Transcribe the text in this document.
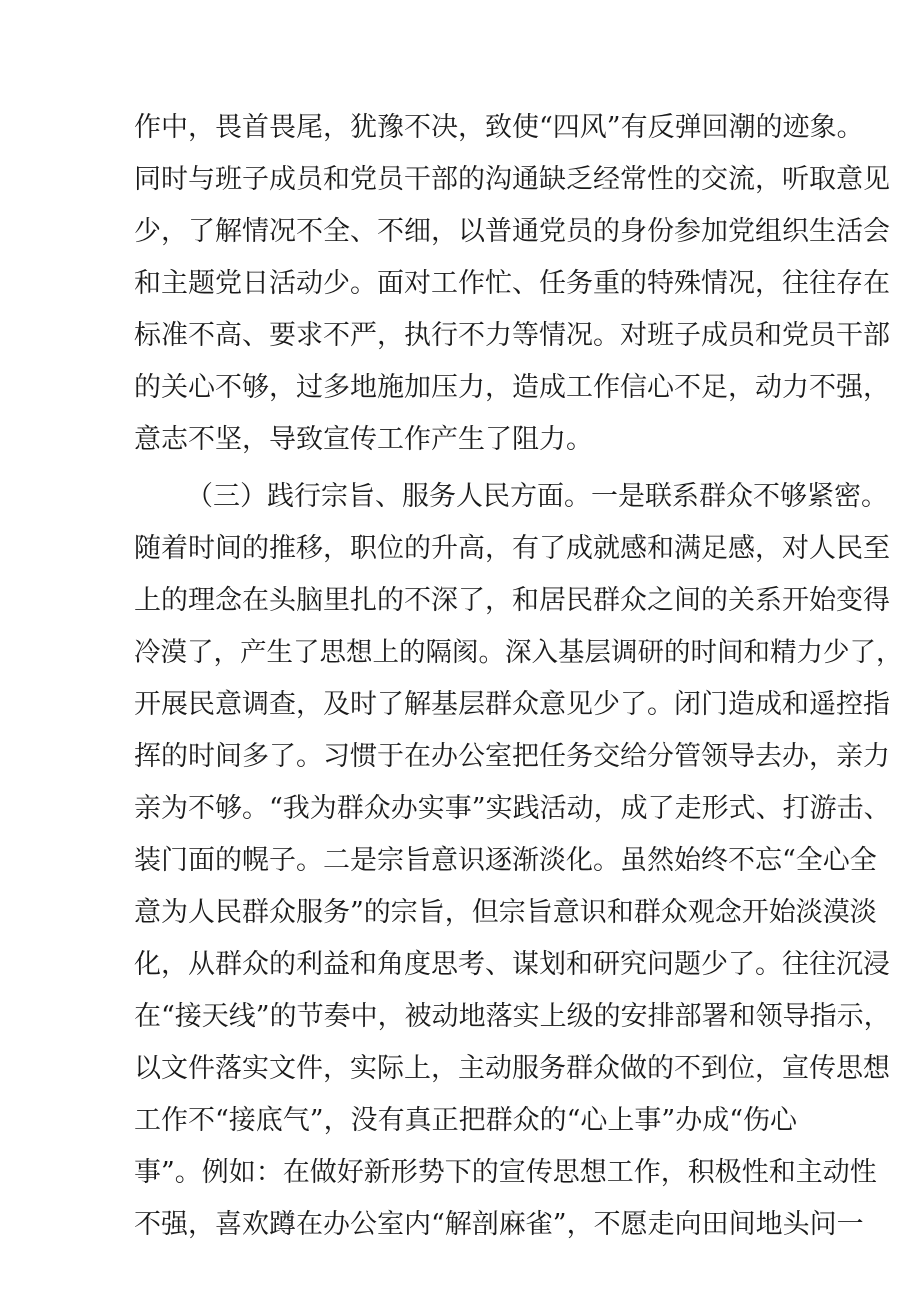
作中，畏首畏尾，犹豫不决，致使“四风”有反弹回潮的迹象。
同时与班子成员和党员干部的沟通缺乏经常性的交流，听取意见
少，了解情况不全、不细，以普通党员的身份参加党组织生活会
和主题党日活动少。面对工作忙、任务重的特殊情况，往往存在
标准不高、要求不严，执行不力等情况。对班子成员和党员干部
的关心不够，过多地施加压力，造成工作信心不足，动力不强，
意志不坚，导致宣传工作产生了阻力。
（三）践行宗旨、服务人民方面。一是联系群众不够紧密。
随着时间的推移，职位的升高，有了成就感和满足感，对人民至
上的理念在头脑里扎的不深了，和居民群众之间的关系开始变得
冷漠了，产生了思想上的隔阂。深入基层调研的时间和精力少了，
开展民意调查，及时了解基层群众意见少了。闭门造成和遥控指
挥的时间多了。习惯于在办公室把任务交给分管领导去办，亲力
亲为不够。“我为群众办实事”实践活动，成了走形式、打游击、
装门面的幌子。二是宗旨意识逐渐淡化。虽然始终不忘“全心全
意为人民群众服务”的宗旨，但宗旨意识和群众观念开始淡漠淡
化，从群众的利益和角度思考、谋划和研究问题少了。往往沉浸
在“接天线”的节奏中，被动地落实上级的安排部署和领导指示，
以文件落实文件，实际上，主动服务群众做的不到位，宣传思想
工作不“接底气”，没有真正把群众的“心上事”办成“伤心
事”。例如：在做好新形势下的宣传思想工作，积极性和主动性
不强，喜欢蹲在办公室内“解剖麻雀”，不愿走向田间地头问一
